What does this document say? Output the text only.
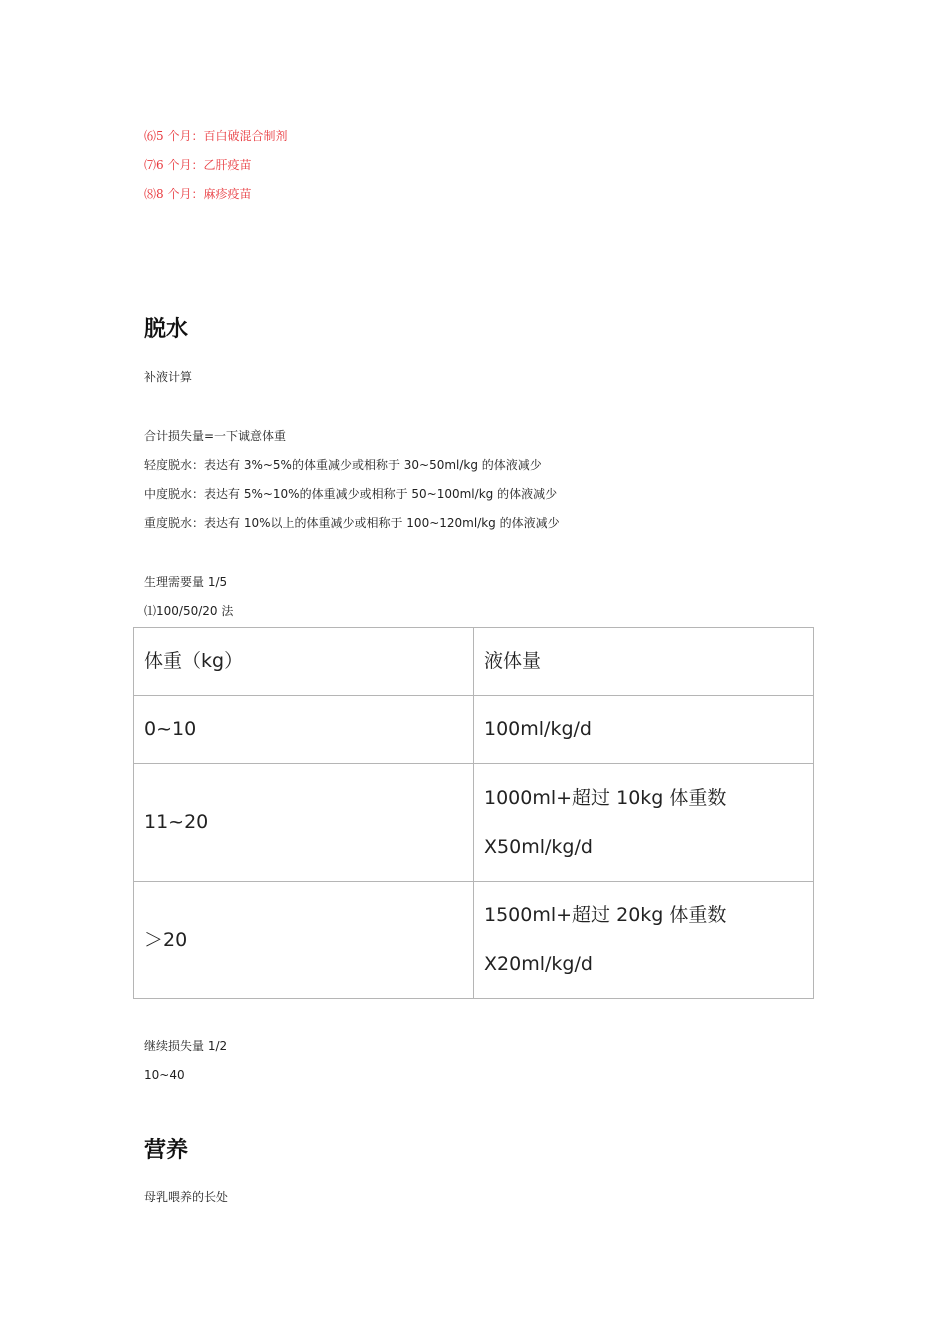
⑹5 个月：百白破混合制剂
⑺6 个月：乙肝疫苗
⑻8 个月：麻疹疫苗
脱水
补液计算
合计损失量=一下诚意体重
轻度脱水：表达有 3%~5%的体重减少或相称于 30~50ml/kg 的体液减少
中度脱水：表达有 5%~10%的体重减少或相称于 50~100ml/kg 的体液减少
重度脱水：表达有 10%以上的体重减少或相称于 100~120ml/kg 的体液减少
生理需要量 1/5
⑴100/50/20 法
体重（kg）	液体量
0~10	100ml/kg/d
11~20	1000ml+超过 10kg 体重数 X50ml/kg/d
＞20	1500ml+超过 20kg 体重数 X20ml/kg/d
继续损失量 1/2
10~40
营养
母乳喂养的长处
